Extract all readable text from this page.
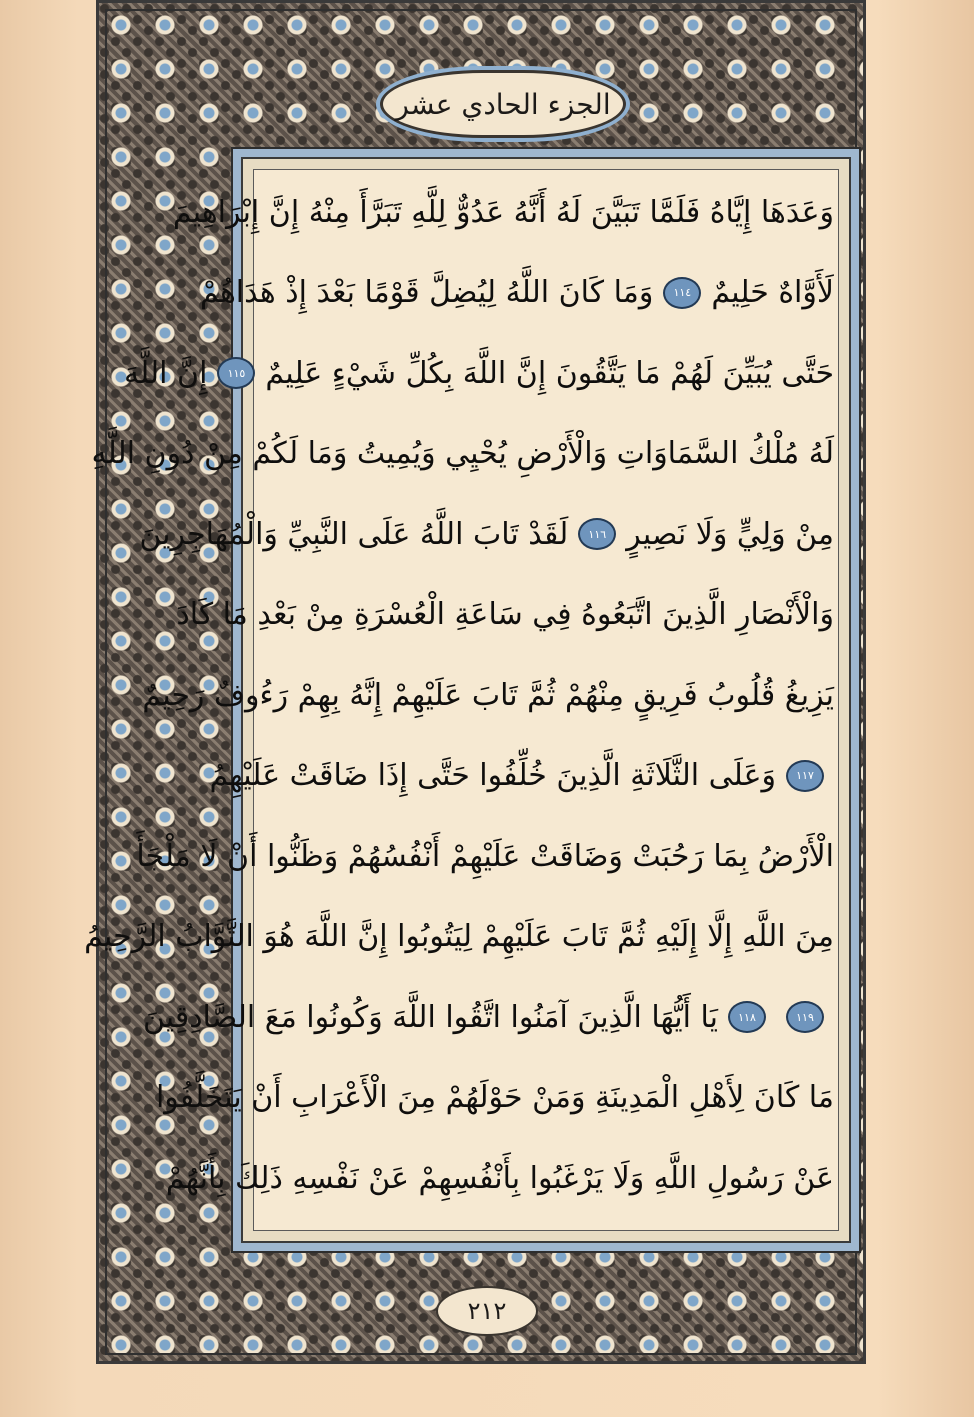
الجزء الحادي عشر
وَعَدَهَا إِيَّاهُ فَلَمَّا تَبَيَّنَ لَهُ أَنَّهُ عَدُوٌّ لِلَّهِ تَبَرَّأَ مِنْهُ إِنَّ إِبْرَاهِيمَ
لَأَوَّاهٌ حَلِيمٌ
١١٤
وَمَا كَانَ اللَّهُ لِيُضِلَّ قَوْمًا بَعْدَ إِذْ هَدَاهُمْ
حَتَّى يُبَيِّنَ لَهُمْ مَا يَتَّقُونَ إِنَّ اللَّهَ بِكُلِّ شَيْءٍ عَلِيمٌ
١١٥
إِنَّ اللَّهَ
لَهُ مُلْكُ السَّمَاوَاتِ وَالْأَرْضِ يُحْيِي وَيُمِيتُ وَمَا لَكُمْ مِنْ دُونِ اللَّهِ
مِنْ وَلِيٍّ وَلَا نَصِيرٍ
١١٦
لَقَدْ تَابَ اللَّهُ عَلَى النَّبِيِّ وَالْمُهَاجِرِينَ
وَالْأَنْصَارِ الَّذِينَ اتَّبَعُوهُ فِي سَاعَةِ الْعُسْرَةِ مِنْ بَعْدِ مَا كَادَ
يَزِيغُ قُلُوبُ فَرِيقٍ مِنْهُمْ ثُمَّ تَابَ عَلَيْهِمْ إِنَّهُ بِهِمْ رَءُوفٌ رَحِيمٌ
١١٧
وَعَلَى الثَّلَاثَةِ الَّذِينَ خُلِّفُوا حَتَّى إِذَا ضَاقَتْ عَلَيْهِمُ
الْأَرْضُ بِمَا رَحُبَتْ وَضَاقَتْ عَلَيْهِمْ أَنْفُسُهُمْ وَظَنُّوا أَنْ لَا مَلْجَأَ
مِنَ اللَّهِ إِلَّا إِلَيْهِ ثُمَّ تَابَ عَلَيْهِمْ لِيَتُوبُوا إِنَّ اللَّهَ هُوَ التَّوَّابُ الرَّحِيمُ
١١٩
١١٨
يَا أَيُّهَا الَّذِينَ آمَنُوا اتَّقُوا اللَّهَ وَكُونُوا مَعَ الصَّادِقِينَ
مَا كَانَ لِأَهْلِ الْمَدِينَةِ وَمَنْ حَوْلَهُمْ مِنَ الْأَعْرَابِ أَنْ يَتَخَلَّفُوا
عَنْ رَسُولِ اللَّهِ وَلَا يَرْغَبُوا بِأَنْفُسِهِمْ عَنْ نَفْسِهِ ذَلِكَ بِأَنَّهُمْ
٢١٢
